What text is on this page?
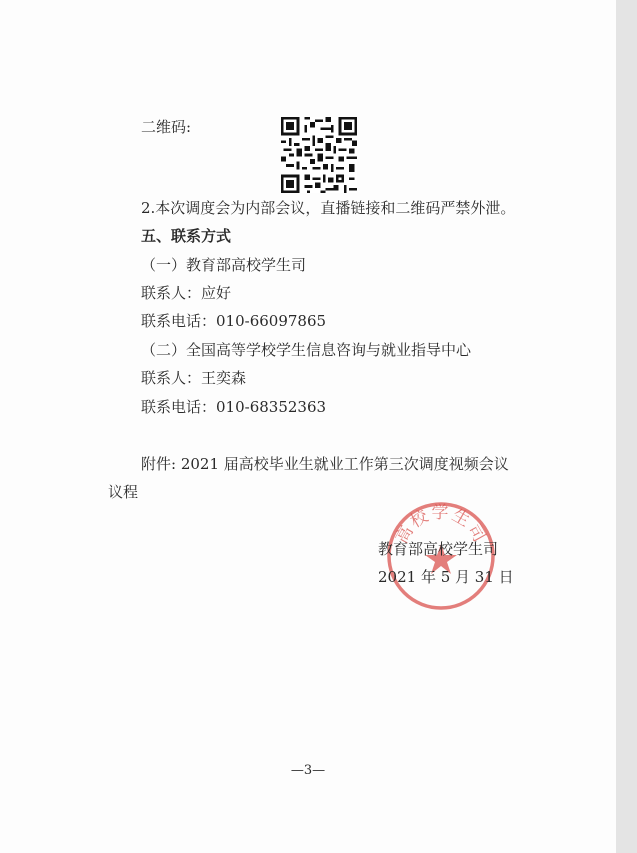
二维码:
2.本次调度会为内部会议，直播链接和二维码严禁外泄。
五、联系方式
（一）教育部高校学生司
联系人：应好
联系电话：010-66097865
（二）全国高等学校学生信息咨询与就业指导中心
联系人：王奕森
联系电话：010-68352363
附件: 2021 届高校毕业生就业工作第三次调度视频会议
议程
高校学生司
教育部高校学生司
2021 年 5 月 31 日
—3—
